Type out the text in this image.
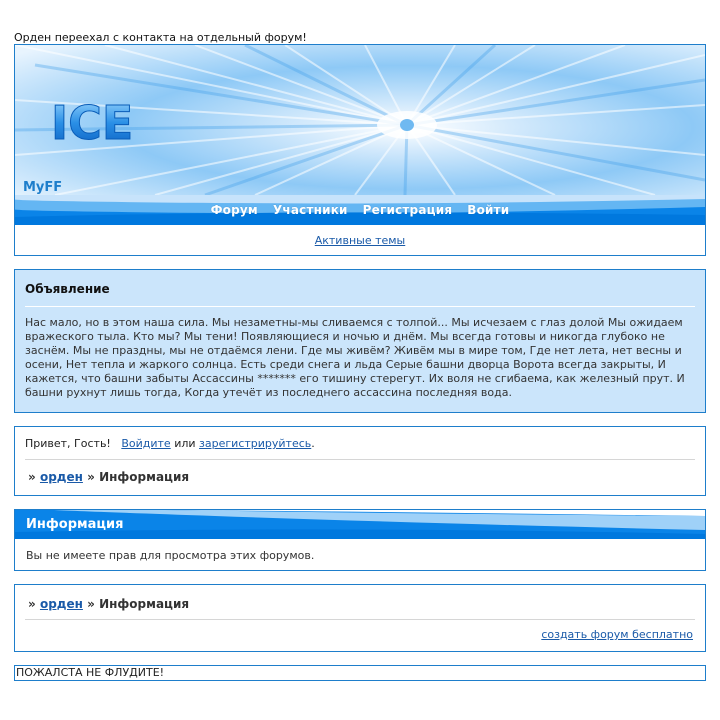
Орден переехал с контакта на отдельный форум!
ICE
MyFF
Форум Участники Регистрация Войти
Активные темы
Объявление
Нас мало, но в этом наша сила. Мы незаметны-мы сливаемся с толпой... Мы исчезаем с глаз долой Мы ожидаем вражеского тыла. Кто мы? Мы тени! Появляющиеся и ночью и днём. Мы всегда готовы и никогда глубоко не заснём. Мы не праздны, мы не отдаёмся лени. Где мы живём? Живём мы в мире том, Где нет лета, нет весны и осени, Нет тепла и жаркого солнца. Есть среди снега и льда Серые башни дворца Ворота всегда закрыты, И кажется, что башни забыты Ассассины ******* его тишину стерегут. Их воля не сгибаема, как железный прут. И башни рухнут лишь тогда, Когда утечёт из последнего ассассина последняя вода.
Привет, Гость! Войдите или зарегистрируйтесь.
» орден » Информация
Информация
Вы не имеете прав для просмотра этих форумов.
» орден » Информация
создать форум бесплатно
ПОЖАЛСТА НЕ ФЛУДИТЕ!
